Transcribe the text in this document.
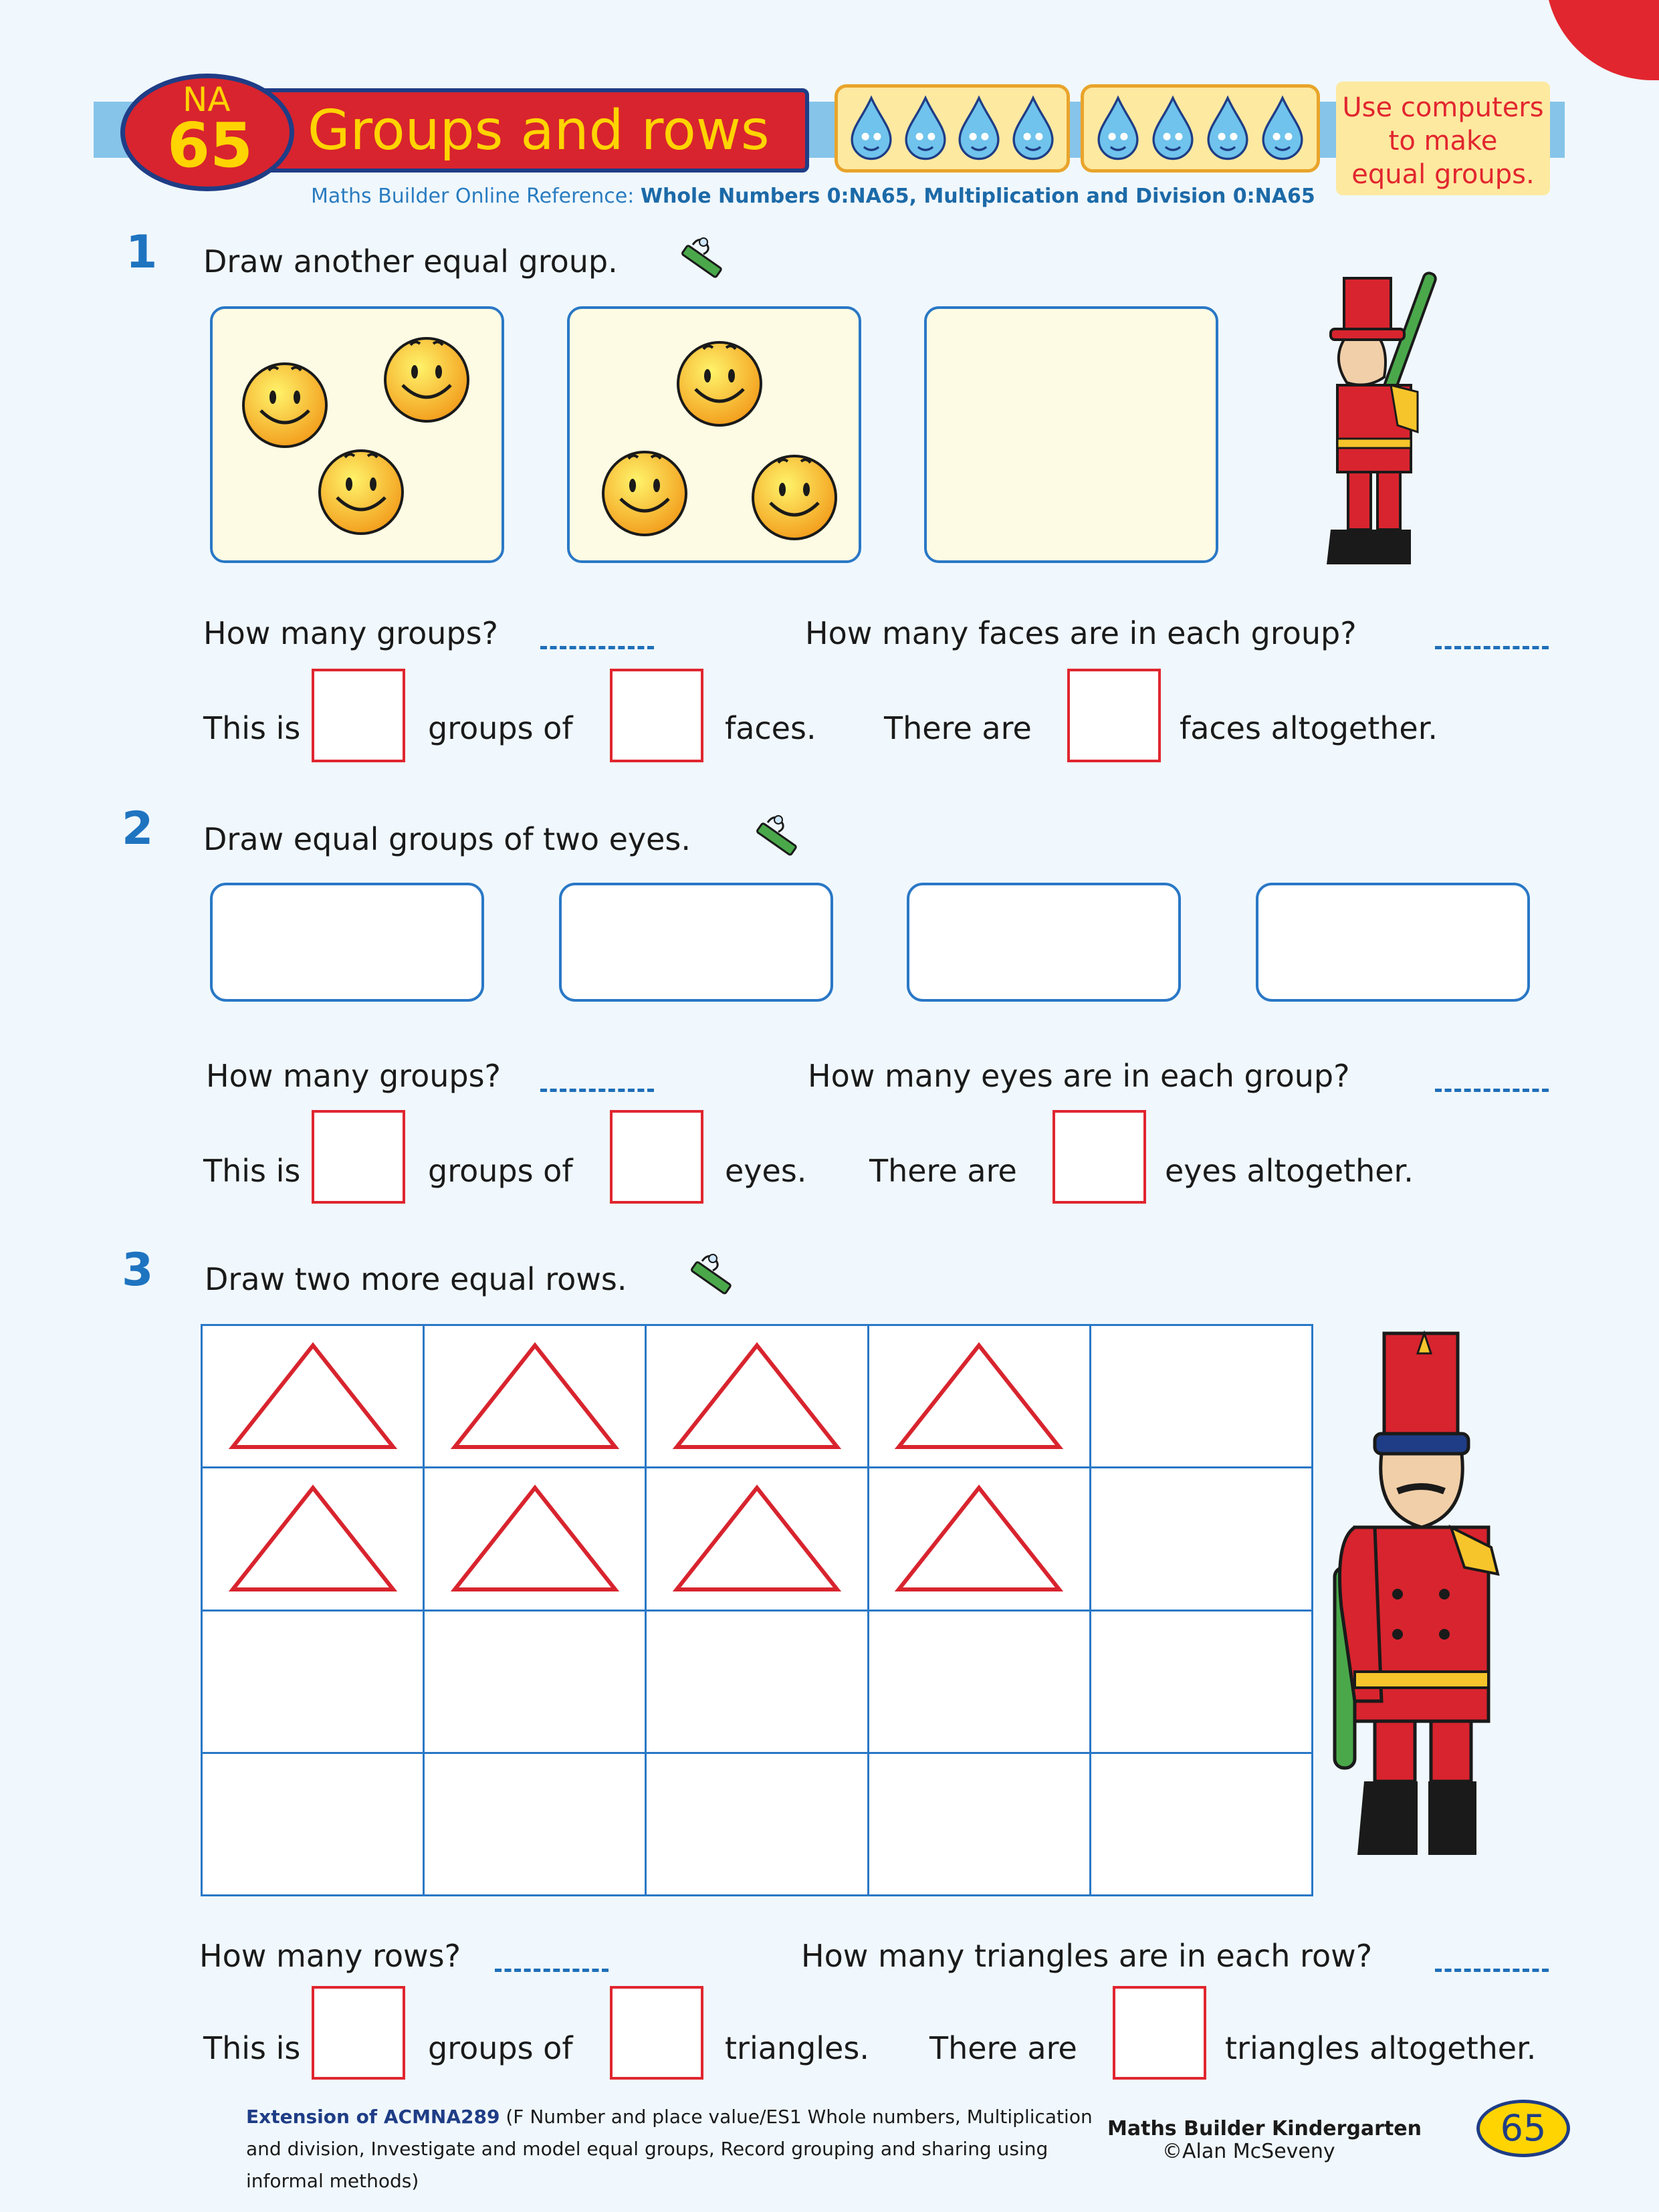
Groups and rows
NA
65
Use computers
to make
equal groups.
Maths Builder Online Reference: Whole Numbers 0:NA65, Multiplication and Division 0:NA65
1 Draw another equal group.
How many groups?	How many faces are in each group?
This is	groups of	faces. There are	faces altogether.
2 Draw equal groups of two eyes.
How many groups?	How many eyes are in each group?
This is	groups of	eyes. There are	eyes altogether.
3 Draw two more equal rows.

How many rows?	How many triangles are in each row?
This is	groups of	triangles. There are	triangles altogether.
Extension of ACMNA289 (F Number and place value/ES1 Whole numbers, Multiplication and division, Investigate and model equal groups, Record grouping and sharing using informal methods)
Maths Builder Kindergarten
©Alan McSeveny
65
